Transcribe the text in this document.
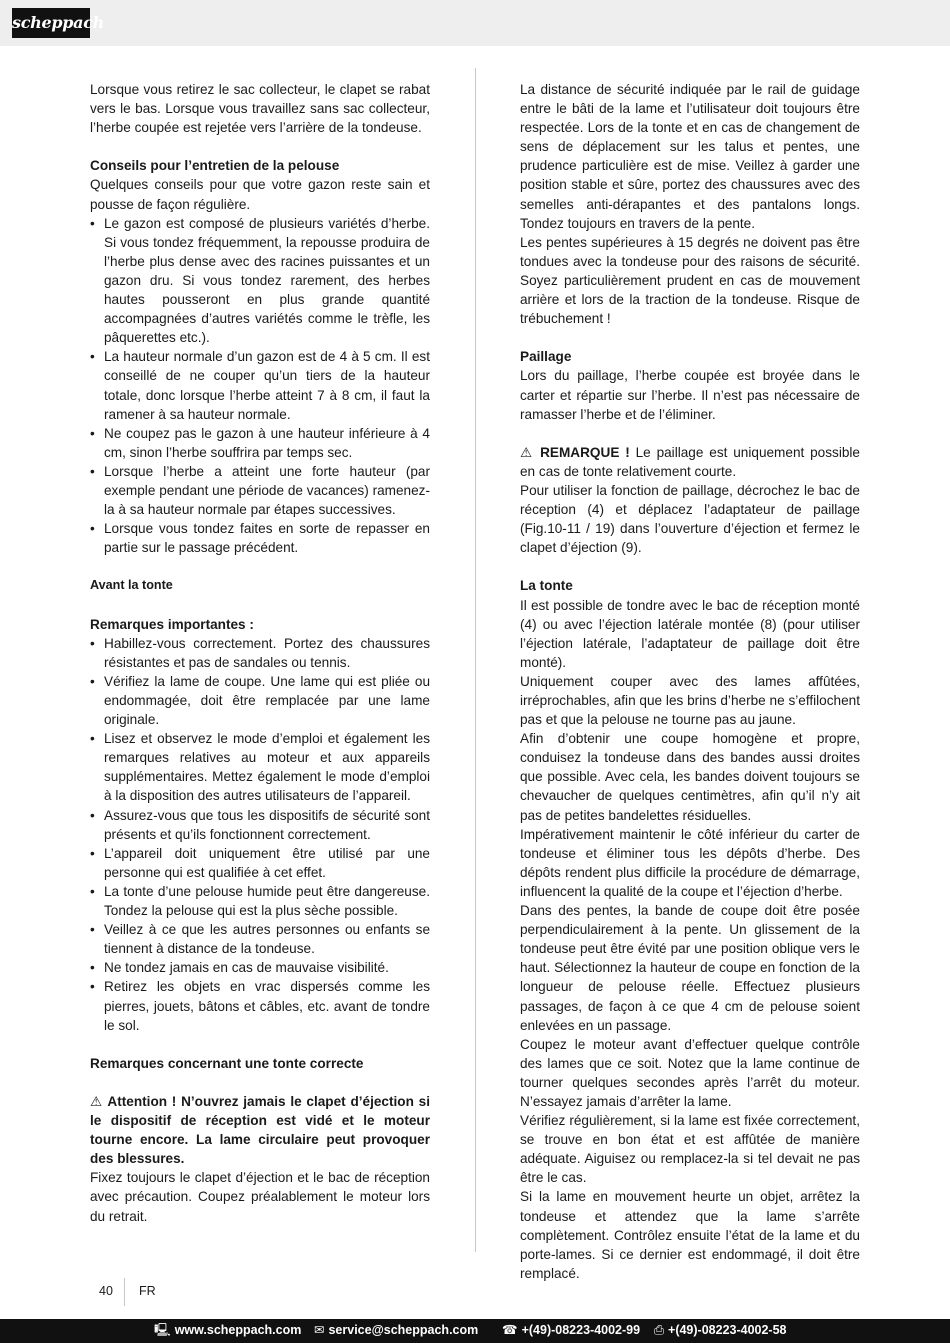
scheppach

Lorsque vous retirez le sac collecteur, le clapet se rabat vers le bas. Lorsque vous travaillez sans sac collecteur, l’herbe coupée est rejetée vers l’arrière de la tondeuse.

Conseils pour l’entretien de la pelouse

Quelques conseils pour que votre gazon reste sain et pousse de façon régulière.

• Le gazon est composé de plusieurs variétés d’herbe. Si vous tondez fréquemment, la repousse produira de l’herbe plus dense avec des racines puissantes et un gazon dru. Si vous tondez rarement, des herbes hautes pousseront en plus grande quantité accompagnées d’autres variétés comme le trèfle, les pâquerettes etc.).
• La hauteur normale d’un gazon est de 4 à 5 cm. Il est conseillé de ne couper qu’un tiers de la hauteur totale, donc lorsque l’herbe atteint 7 à 8 cm, il faut la ramener à sa hauteur normale.
• Ne coupez pas le gazon à une hauteur inférieure à 4 cm, sinon l’herbe souffrira par temps sec.
• Lorsque l’herbe a atteint une forte hauteur (par exemple pendant une période de vacances) ramenez-la à sa hauteur normale par étapes successives.
• Lorsque vous tondez faites en sorte de repasser en partie sur le passage précédent.
Avant la tonte
Remarques importantes :
• Habillez-vous correctement. Portez des chaussures résistantes et pas de sandales ou tennis.
• Vérifiez la lame de coupe. Une lame qui est pliée ou endommagée, doit être remplacée par une lame originale.
• Lisez et observez le mode d’emploi et également les remarques relatives au moteur et aux appareils supplémentaires. Mettez également le mode d’emploi à la disposition des autres utilisateurs de l’appareil.
• Assurez-vous que tous les dispositifs de sécurité sont présents et qu’ils fonctionnent correctement.
• L’appareil doit uniquement être utilisé par une personne qui est qualifiée à cet effet.
• La tonte d’une pelouse humide peut être dangereuse. Tondez la pelouse qui est la plus sèche possible.
• Veillez à ce que les autres personnes ou enfants se tiennent à distance de la tondeuse.
• Ne tondez jamais en cas de mauvaise visibilité.
• Retirez les objets en vrac dispersés comme les pierres, jouets, bâtons et câbles, etc. avant de tondre le sol.
Remarques concernant une tonte correcte

⚠ Attention ! N’ouvrez jamais le clapet d’éjection si le dispositif de réception est vidé et le moteur tourne encore. La lame circulaire peut provoquer des blessures.

Fixez toujours le clapet d’éjection et le bac de réception avec précaution. Coupez préalablement le moteur lors du retrait.

La distance de sécurité indiquée par le rail de guidage entre le bâti de la lame et l’utilisateur doit toujours être respectée. Lors de la tonte et en cas de changement de sens de déplacement sur les talus et pentes, une prudence particulière est de mise. Veillez à garder une position stable et sûre, portez des chaussures avec des semelles anti-dérapantes et des pantalons longs. Tondez toujours en travers de la pente.

Les pentes supérieures à 15 degrés ne doivent pas être tondues avec la tondeuse pour des raisons de sécurité. Soyez particulièrement prudent en cas de mouvement arrière et lors de la traction de la tondeuse. Risque de trébuchement !

Paillage

Lors du paillage, l’herbe coupée est broyée dans le carter et répartie sur l’herbe. Il n’est pas nécessaire de ramasser l’herbe et de l’éliminer.

⚠ REMARQUE ! Le paillage est uniquement possible en cas de tonte relativement courte.

Pour utiliser la fonction de paillage, décrochez le bac de réception (4) et déplacez l’adaptateur de paillage (Fig.10-11 / 19) dans l’ouverture d’éjection et fermez le clapet d’éjection (9).

La tonte

Il est possible de tondre avec le bac de réception monté (4) ou avec l’éjection latérale montée (8) (pour utiliser l’éjection latérale, l’adaptateur de paillage doit être monté).

Uniquement couper avec des lames affûtées, irréprochables, afin que les brins d’herbe ne s’effilochent pas et que la pelouse ne tourne pas au jaune.

Afin d’obtenir une coupe homogène et propre, conduisez la tondeuse dans des bandes aussi droites que possible. Avec cela, les bandes doivent toujours se chevaucher de quelques centimètres, afin qu’il n’y ait pas de petites bandelettes résiduelles.

Impérativement maintenir le côté inférieur du carter de tondeuse et éliminer tous les dépôts d’herbe. Des dépôts rendent plus difficile la procédure de démarrage, influencent la qualité de la coupe et l’éjection d’herbe.

Dans des pentes, la bande de coupe doit être posée perpendiculairement à la pente. Un glissement de la tondeuse peut être évité par une position oblique vers le haut. Sélectionnez la hauteur de coupe en fonction de la longueur de pelouse réelle. Effectuez plusieurs passages, de façon à ce que 4 cm de pelouse soient enlevées en un passage.

Coupez le moteur avant d’effectuer quelque contrôle des lames que ce soit. Notez que la lame continue de tourner quelques secondes après l’arrêt du moteur. N’essayez jamais d’arrêter la lame.

Vérifiez régulièrement, si la lame est fixée correctement, se trouve en bon état et est affûtée de manière adéquate. Aiguisez ou remplacez-la si tel devait ne pas être le cas.

Si la lame en mouvement heurte un objet, arrêtez la tondeuse et attendez que la lame s’arrête complètement. Contrôlez ensuite l’état de la lame et du porte-lames. Si ce dernier est endommagé, il doit être remplacé.

40 FR
🖳 www.scheppach.com ✉ service@scheppach.com ☎ +(49)-08223-4002-99 ⎙ +(49)-08223-4002-58
